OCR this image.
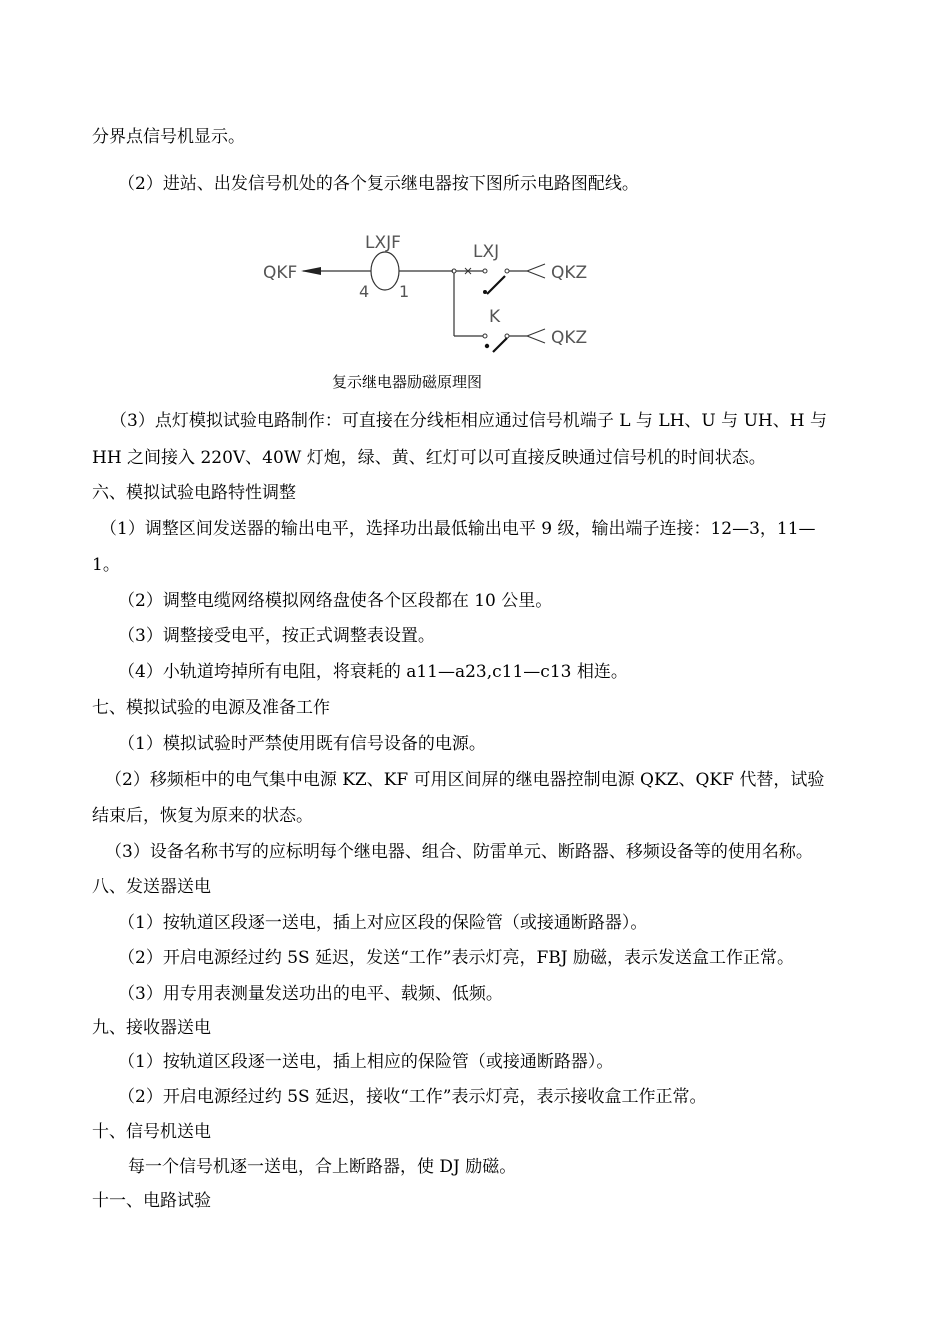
分界点信号机显示。
（2）进站、出发信号机处的各个复示继电器按下图所示电路图配线。
QKF
LXJF
4 1
LXJ
QKZ
K
QKZ
复示继电器励磁原理图
（3）点灯模拟试验电路制作：可直接在分线柜相应通过信号机端子 L 与 LH、U 与 UH、H 与
HH 之间接入 220V、40W 灯炮，绿、黄、红灯可以可直接反映通过信号机的时间状态。
六、模拟试验电路特性调整
（1）调整区间发送器的输出电平，选择功出最低输出电平 9 级，输出端子连接：12—3，11—
1。
（2）调整电缆网络模拟网络盘使各个区段都在 10 公里。
（3）调整接受电平，按正式调整表设置。
（4）小轨道垮掉所有电阻，将衰耗的 a11—a23,c11—c13 相连。
七、模拟试验的电源及准备工作
（1）模拟试验时严禁使用既有信号设备的电源。
（2）移频柜中的电气集中电源 KZ、KF 可用区间屏的继电器控制电源 QKZ、QKF 代替，试验
结束后，恢复为原来的状态。
（3）设备名称书写的应标明每个继电器、组合、防雷单元、断路器、移频设备等的使用名称。
八、发送器送电
（1）按轨道区段逐一送电，插上对应区段的保险管（或接通断路器）。
（2）开启电源经过约 5S 延迟，发送“工作”表示灯亮，FBJ 励磁，表示发送盒工作正常。
（3）用专用表测量发送功出的电平、载频、低频。
九、接收器送电
（1）按轨道区段逐一送电，插上相应的保险管（或接通断路器）。
（2）开启电源经过约 5S 延迟，接收“工作”表示灯亮，表示接收盒工作正常。
十、信号机送电
每一个信号机逐一送电，合上断路器，使 DJ 励磁。
十一、电路试验
